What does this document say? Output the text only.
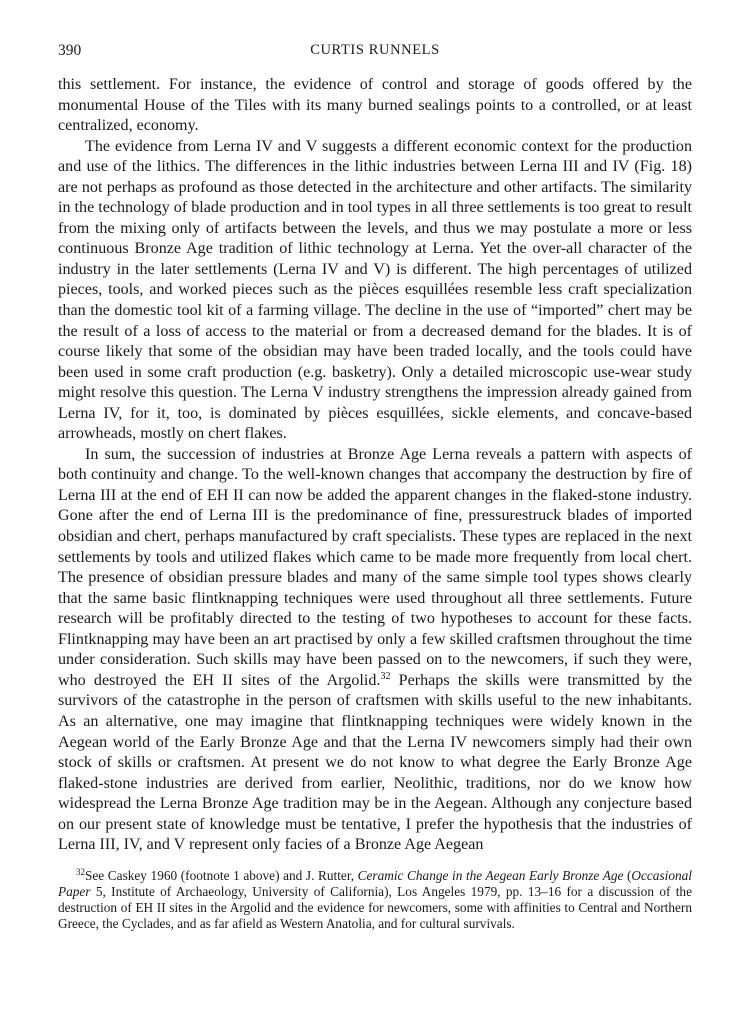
390	CURTIS RUNNELS

this settlement. For instance, the evidence of control and storage of goods offered by the monumental House of the Tiles with its many burned sealings points to a controlled, or at least centralized, economy.

The evidence from Lerna IV and V suggests a different economic context for the production and use of the lithics. The differences in the lithic industries between Lerna III and IV (Fig. 18) are not perhaps as profound as those detected in the architecture and other artifacts. The similarity in the technology of blade production and in tool types in all three settlements is too great to result from the mixing only of artifacts between the levels, and thus we may postulate a more or less continuous Bronze Age tradition of lithic technology at Lerna. Yet the over-all character of the industry in the later settlements (Lerna IV and V) is different. The high percentages of utilized pieces, tools, and worked pieces such as the pièces esquillées resemble less craft specialization than the domestic tool kit of a farming village. The decline in the use of “imported” chert may be the result of a loss of access to the material or from a decreased demand for the blades. It is of course likely that some of the obsidian may have been traded locally, and the tools could have been used in some craft production (e.g. basketry). Only a detailed microscopic use-wear study might resolve this question. The Lerna V industry strengthens the impression already gained from Lerna IV, for it, too, is dominated by pièces esquillées, sickle elements, and concave-based arrowheads, mostly on chert flakes.

In sum, the succession of industries at Bronze Age Lerna reveals a pattern with aspects of both continuity and change. To the well-known changes that accompany the destruction by fire of Lerna III at the end of EH II can now be added the apparent changes in the flaked-stone industry. Gone after the end of Lerna III is the predominance of fine, pressurestruck blades of imported obsidian and chert, perhaps manufactured by craft specialists. These types are replaced in the next settlements by tools and utilized flakes which came to be made more frequently from local chert. The presence of obsidian pressure blades and many of the same simple tool types shows clearly that the same basic flintknapping techniques were used throughout all three settlements. Future research will be profitably directed to the testing of two hypotheses to account for these facts. Flintknapping may have been an art practised by only a few skilled craftsmen throughout the time under consideration. Such skills may have been passed on to the newcomers, if such they were, who destroyed the EH II sites of the Argolid.$^{32}$ Perhaps the skills were transmitted by the survivors of the catastrophe in the person of craftsmen with skills useful to the new inhabitants. As an alternative, one may imagine that flintknapping techniques were widely known in the Aegean world of the Early Bronze Age and that the Lerna IV newcomers simply had their own stock of skills or craftsmen. At present we do not know to what degree the Early Bronze Age flaked-stone industries are derived from earlier, Neolithic, traditions, nor do we know how widespread the Lerna Bronze Age tradition may be in the Aegean. Although any conjecture based on our present state of knowledge must be tentative, I prefer the hypothesis that the industries of Lerna III, IV, and V represent only facies of a Bronze Age Aegean

$^{32}$See Caskey 1960 (footnote 1 above) and J. Rutter, Ceramic Change in the Aegean Early Bronze Age (Occasional Paper 5, Institute of Archaeology, University of California), Los Angeles 1979, pp. 13–16 for a discussion of the destruction of EH II sites in the Argolid and the evidence for newcomers, some with affinities to Central and Northern Greece, the Cyclades, and as far afield as Western Anatolia, and for cultural survivals.
